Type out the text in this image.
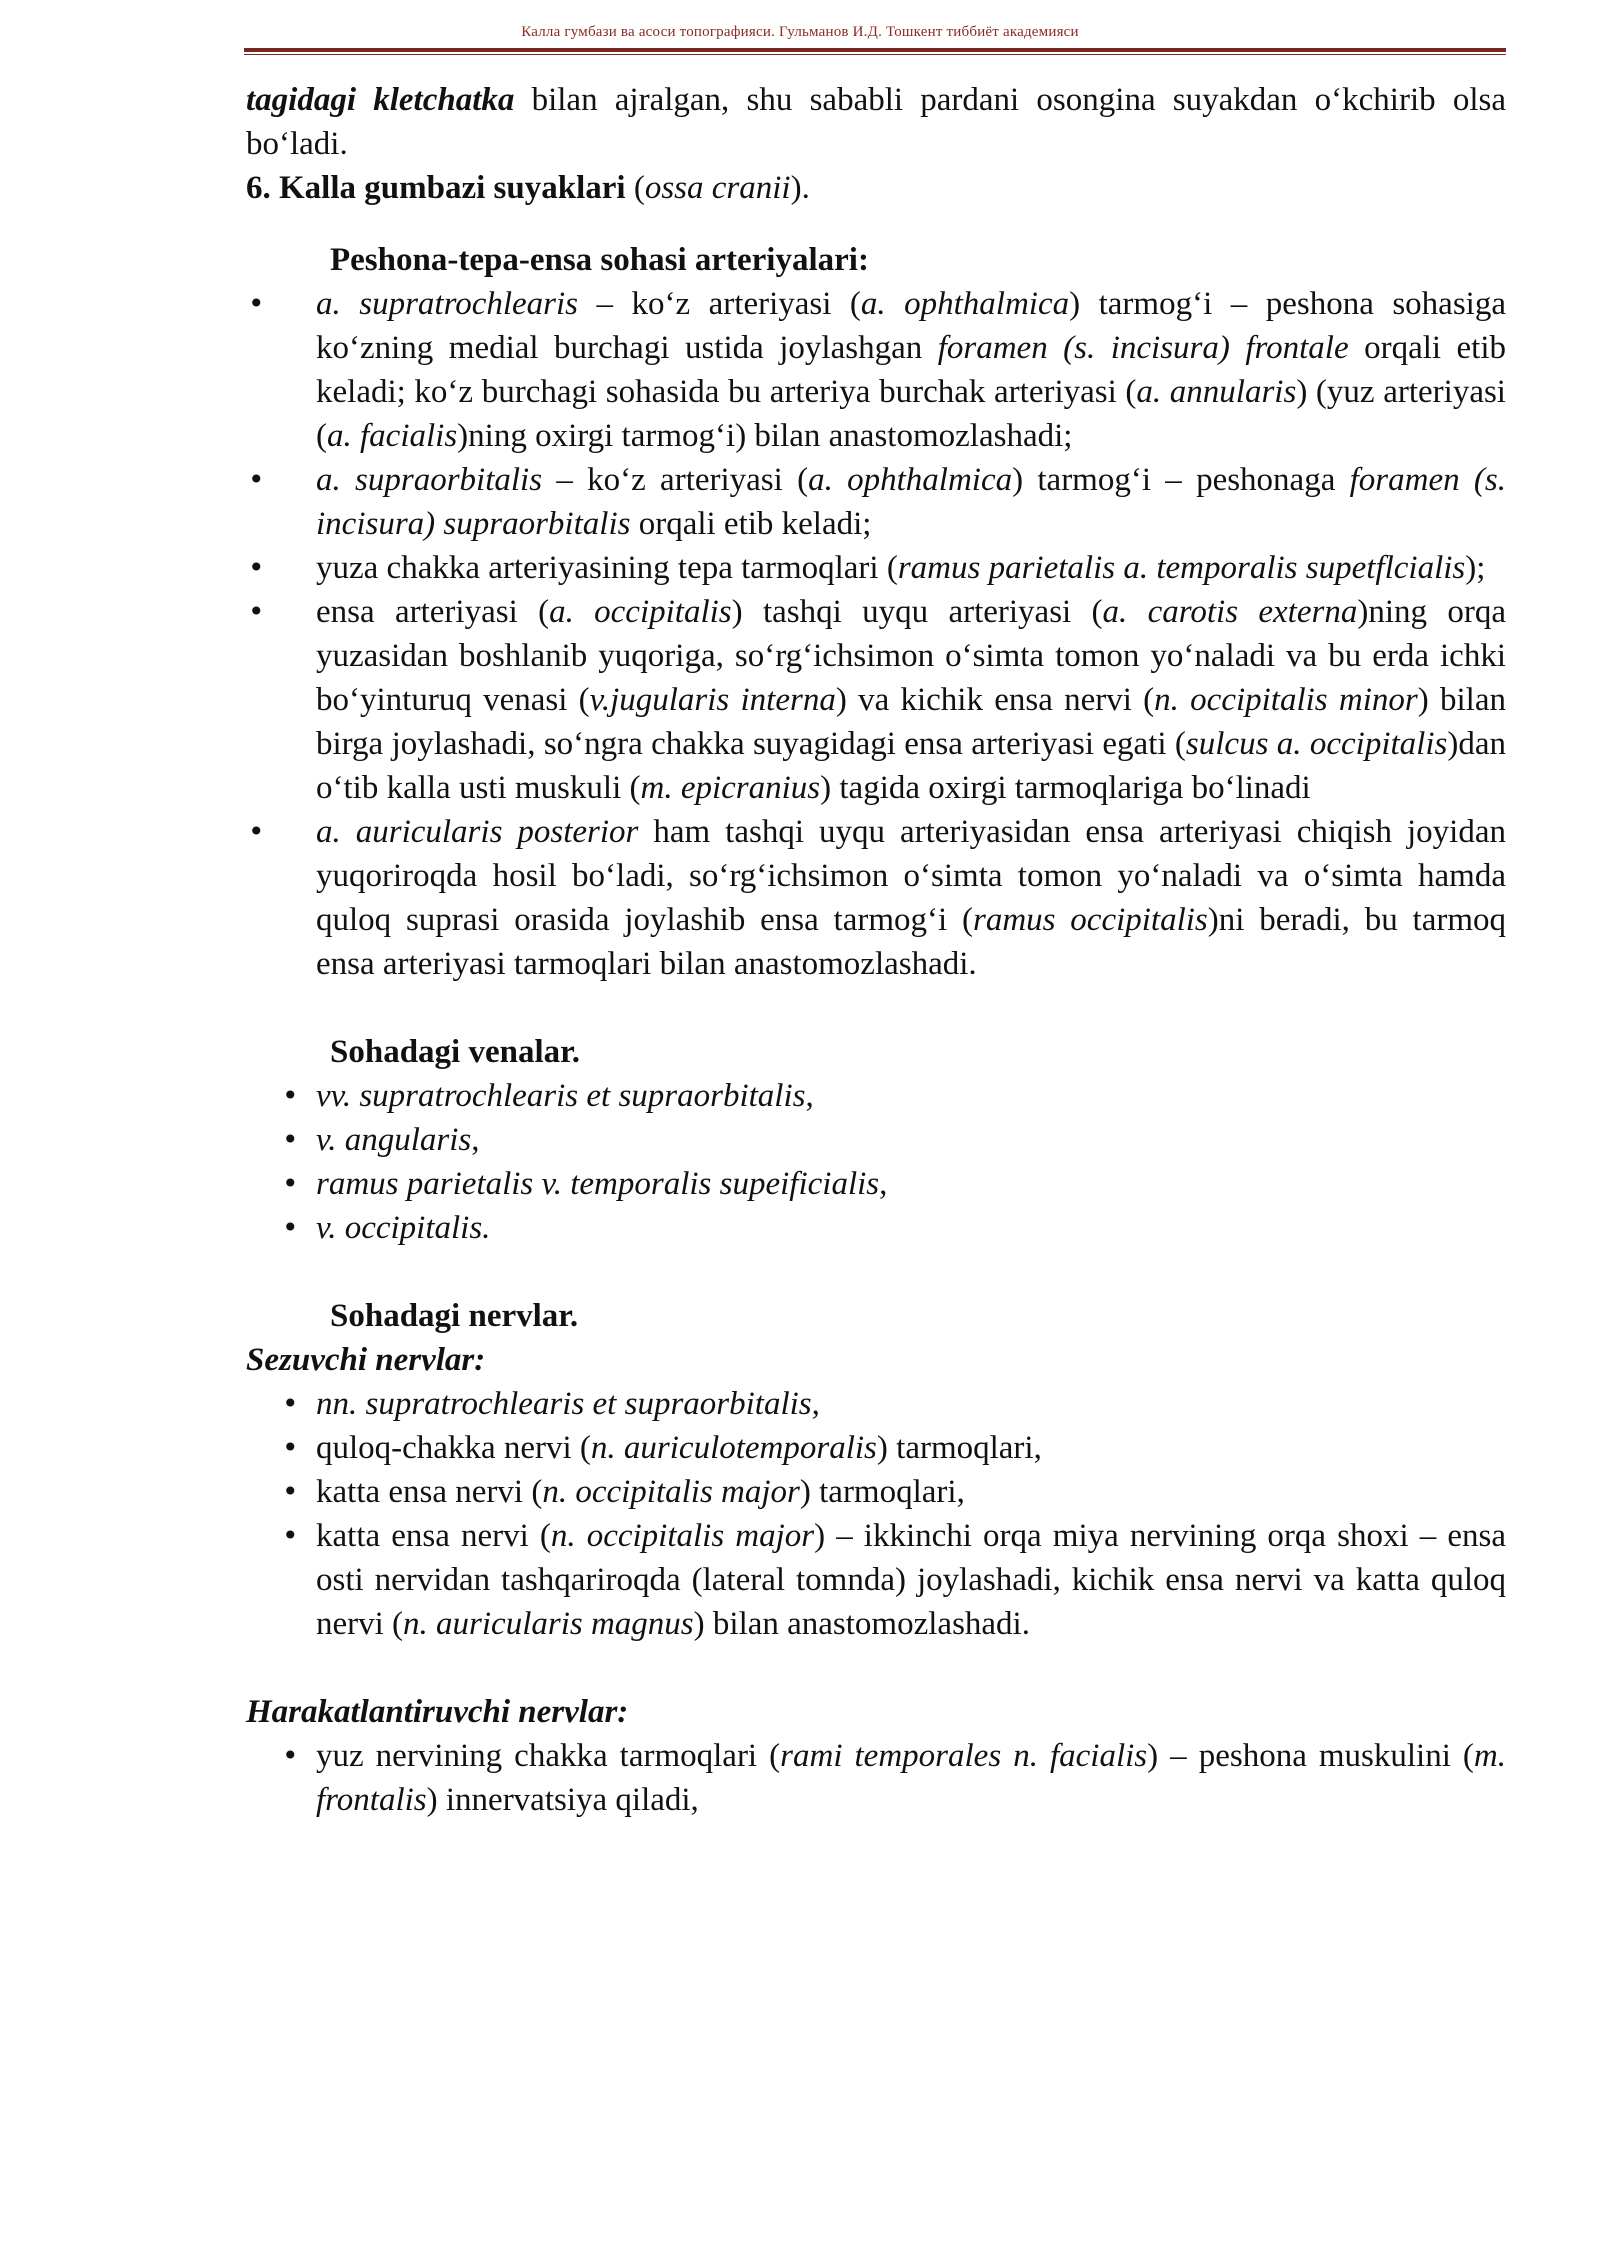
Калла гумбази ва асоси топографияси. Гульманов И.Д. Тошкент тиббиёт академияси

tagidagi kletchatka bilan ajralgan, shu sababli pardani osongina suyakdan o‘kchirib olsa bo‘ladi.

6. Kalla gumbazi suyaklari (ossa cranii).

Peshona-tepa-ensa sohasi arteriyalari:

• a. supratrochlearis – ko‘z arteriyasi (a. ophthalmica) tarmog‘i – peshona sohasiga ko‘zning medial burchagi ustida joylashgan foramen (s. incisura) frontale orqali etib keladi; ko‘z burchagi sohasida bu arteriya burchak arteriyasi (a. annularis) (yuz arteriyasi (a. facialis)ning oxirgi tarmog‘i) bilan anastomozlashadi;
• a. supraorbitalis – ko‘z arteriyasi (a. ophthalmica) tarmog‘i – peshonaga foramen (s. incisura) supraorbitalis orqali etib keladi;
• yuza chakka arteriyasining tepa tarmoqlari (ramus parietalis a. temporalis supetflcialis);
• ensa arteriyasi (a. occipitalis) tashqi uyqu arteriyasi (a. carotis externa)ning orqa yuzasidan boshlanib yuqoriga, so‘rg‘ichsimon o‘simta tomon yo‘naladi va bu erda ichki bo‘yinturuq venasi (v.jugularis interna) va kichik ensa nervi (n. occipitalis minor) bilan birga joylashadi, so‘ngra chakka suyagidagi ensa arteriyasi egati (sulcus a. occipitalis)dan o‘tib kalla usti muskuli (m. epicranius) tagida oxirgi tarmoqlariga bo‘linadi
• a. auricularis posterior ham tashqi uyqu arteriyasidan ensa arteriyasi chiqish joyidan yuqoriroqda hosil bo‘ladi, so‘rg‘ichsimon o‘simta tomon yo‘naladi va o‘simta hamda quloq suprasi orasida joylashib ensa tarmog‘i (ramus occipitalis)ni beradi, bu tarmoq ensa arteriyasi tarmoqlari bilan anastomozlashadi.

Sohadagi venalar.

• vv. supratrochlearis et supraorbitalis,
• v. angularis,
• ramus parietalis v. temporalis supeificialis,
• v. occipitalis.

Sohadagi nervlar.

Sezuvchi nervlar:

• nn. supratrochlearis et supraorbitalis,
• quloq-chakka nervi (n. auriculotemporalis) tarmoqlari,
• katta ensa nervi (n. occipitalis major) tarmoqlari,
• katta ensa nervi (n. occipitalis major) – ikkinchi orqa miya nervining orqa shoxi – ensa osti nervidan tashqariroqda (lateral tomnda) joylashadi, kichik ensa nervi va katta quloq nervi (n. auricularis magnus) bilan anastomozlashadi.

Harakatlantiruvchi nervlar:

• yuz nervining chakka tarmoqlari (rami temporales n. facialis) – peshona muskulini (m. frontalis) innervatsiya qiladi,
